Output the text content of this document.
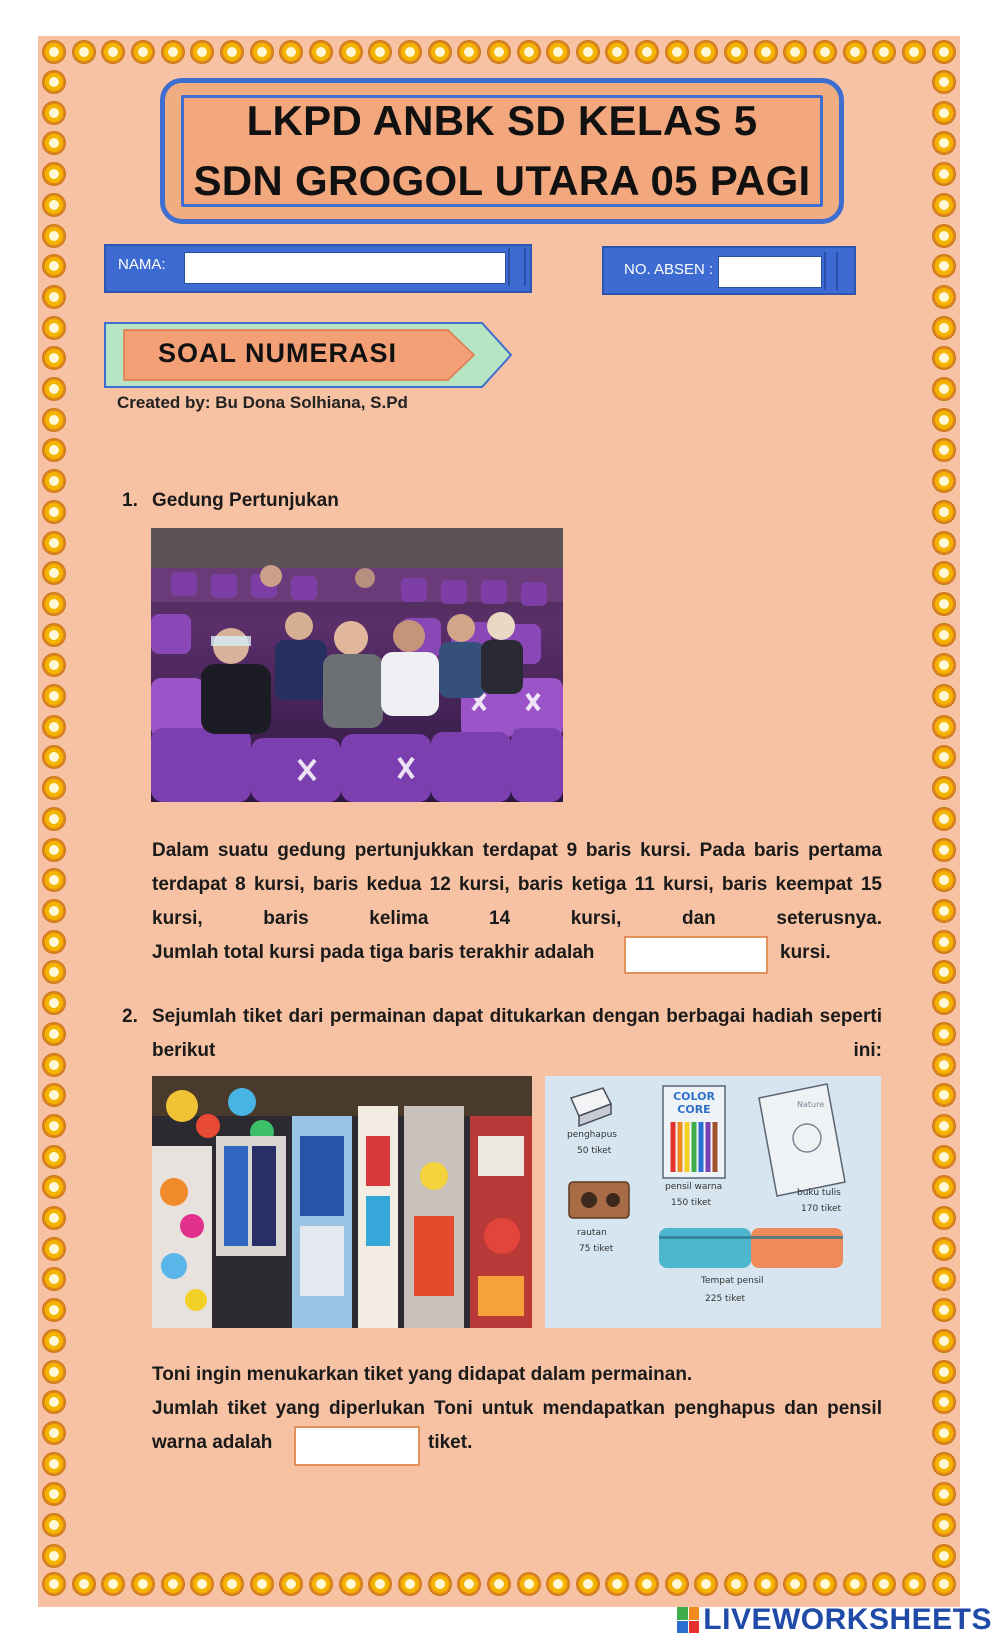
LKPD ANBK SD KELAS 5
SDN GROGOL UTARA 05 PAGI
NAMA:	NO. ABSEN :
SOAL NUMERASI
Created by: Bu Dona Solhiana, S.Pd
1. Gedung Pertunjukan
Dalam suatu gedung pertunjukkan terdapat 9 baris kursi. Pada baris pertama terdapat 8 kursi, baris kedua 12 kursi, baris ketiga 11 kursi, baris keempat 15 kursi, baris kelima 14 kursi, dan seterusnya.
Jumlah total kursi pada tiga baris terakhir adalah	kursi.
2. Sejumlah tiket dari permainan dapat ditukarkan dengan berbagai hadiah seperti berikut ini:
penghapus
50 tiket
COLOR CORE
pensil warna
150 tiket
Nature
buku tulis
170 tiket
rautan
75 tiket
Tempat pensil
225 tiket
Toni ingin menukarkan tiket yang didapat dalam permainan.
Jumlah tiket yang diperlukan Toni untuk mendapatkan penghapus dan pensil
warna adalah	tiket.
LIVEWORKSHEETS
